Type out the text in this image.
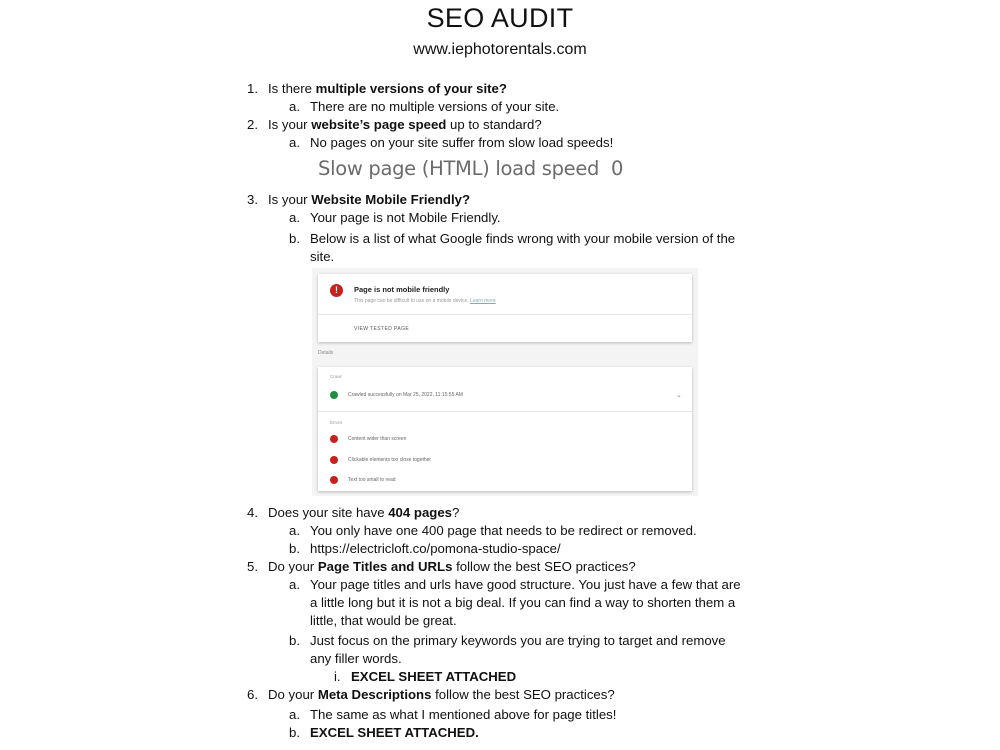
SEO AUDIT
www.iephotorentals.com
1. Is there multiple versions of your site?
a. There are no multiple versions of your site.
2. Is your website’s page speed up to standard?
a. No pages on your site suffer from slow load speeds!
Slow page (HTML) load speed 0
3. Is your Website Mobile Friendly?
a. Your page is not Mobile Friendly.
b. Below is a list of what Google finds wrong with your mobile version of the
site.
4. Does your site have 404 pages?
a. You only have one 400 page that needs to be redirect or removed.
b. https://electricloft.co/pomona-studio-space/
5. Do your Page Titles and URLs follow the best SEO practices?
a. Your page titles and urls have good structure. You just have a few that are
a little long but it is not a big deal. If you can find a way to shorten them a
little, that would be great.
b. Just focus on the primary keywords you are trying to target and remove
any filler words.
i. EXCEL SHEET ATTACHED
6. Do your Meta Descriptions follow the best SEO practices?
a. The same as what I mentioned above for page titles!
b. EXCEL SHEET ATTACHED.
!	Page is not mobile friendly
This page can be difficult to use on a mobile device. Learn more
VIEW TESTED PAGE
Details
Crawl
Crawled successfully on Mar 25, 2022, 11:15:55 AM	⌄
Errors
Content wider than screen
Clickable elements too close together
Text too small to read
